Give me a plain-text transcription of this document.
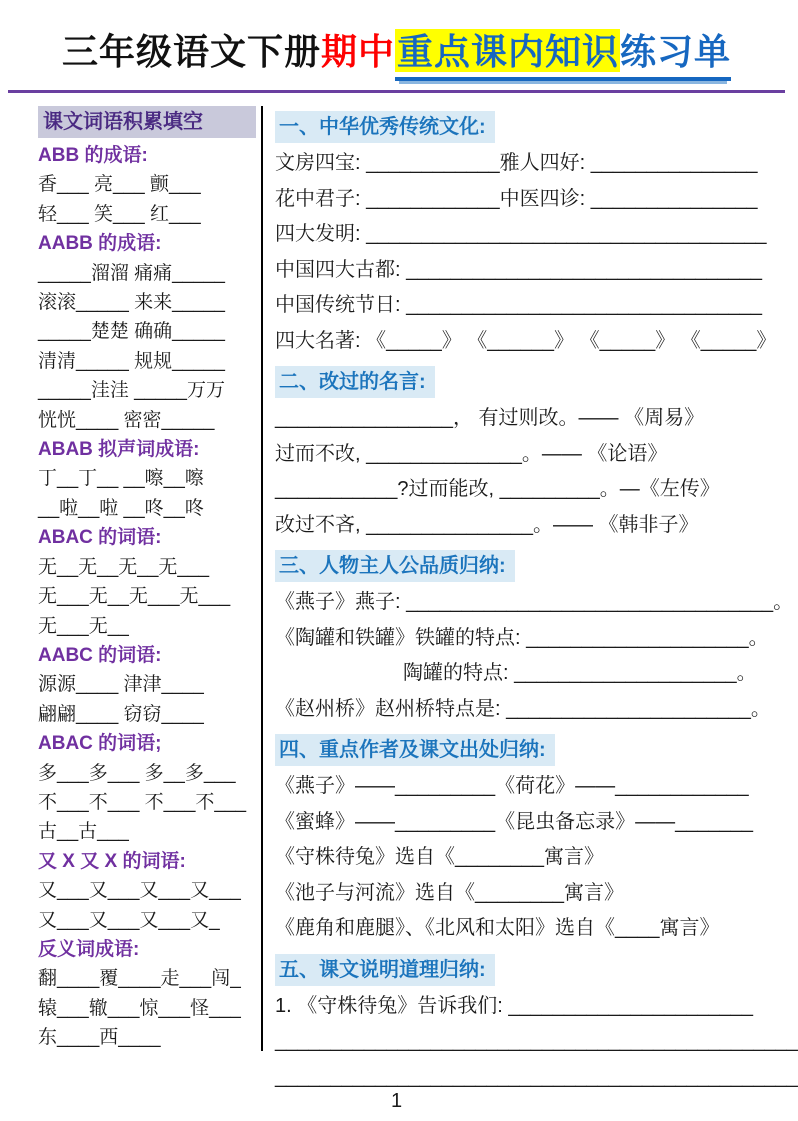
三年级语文下册期中重点课内知识练习单
课文词语积累填空
ABB 的成语:
香___ 亮___ 颤___
轻___ 笑___ 红___
AABB 的成语:
_____溜溜 痛痛_____
滚滚_____ 来来_____
_____楚楚 确确_____
清清_____ 规规_____
_____洼洼 _____万万
恍恍____ 密密_____
ABAB 拟声词成语:
丁__丁__ __嚓__嚓
__啦__啦 __咚__咚
ABAC 的词语:
无__无__无__无___
无___无__无___无___
无___无__
AABC 的词语:
源源____ 津津____
翩翩____ 窃窃____
ABAC 的词语;
多___多___ 多__多___
不___不___ 不___不___
古__古___
又 X 又 X 的词语:
又___又___又___又___
又___又___又___又_
反义词成语:
翻____覆____走___闯_
辕___辙___惊___怪___
东____西____
一、中华优秀传统文化:
文房四宝: ____________雅人四好: _______________
花中君子: ____________中医四诊: _______________
四大发明: ____________________________________
中国四大古都: ________________________________
中国传统节日: ________________________________
四大名著: 《_____》 《______》 《_____》 《_____》
二、改过的名言:
________________， 有过则改。—— 《周易》
过而不改, ______________。—— 《论语》
___________?过而能改, _________。—《左传》
改过不吝, _______________。—— 《韩非子》
三、人物主人公品质归纳:
《燕子》燕子: _________________________________。
《陶罐和铁罐》铁罐的特点: ____________________。
陶罐的特点: ____________________。
《赵州桥》赵州桥特点是: ______________________。
四、重点作者及课文出处归纳:
《燕子》——_________《荷花》——____________
《蜜蜂》——_________《昆虫备忘录》——_______
《守株待兔》选自《________寓言》
《池子与河流》选自《________寓言》
《鹿角和鹿腿》、《北风和太阳》选自《____寓言》
五、课文说明道理归纳:
1. 《守株待兔》告诉我们: ______________________
_______________________________________________
_______________________________________________
1
